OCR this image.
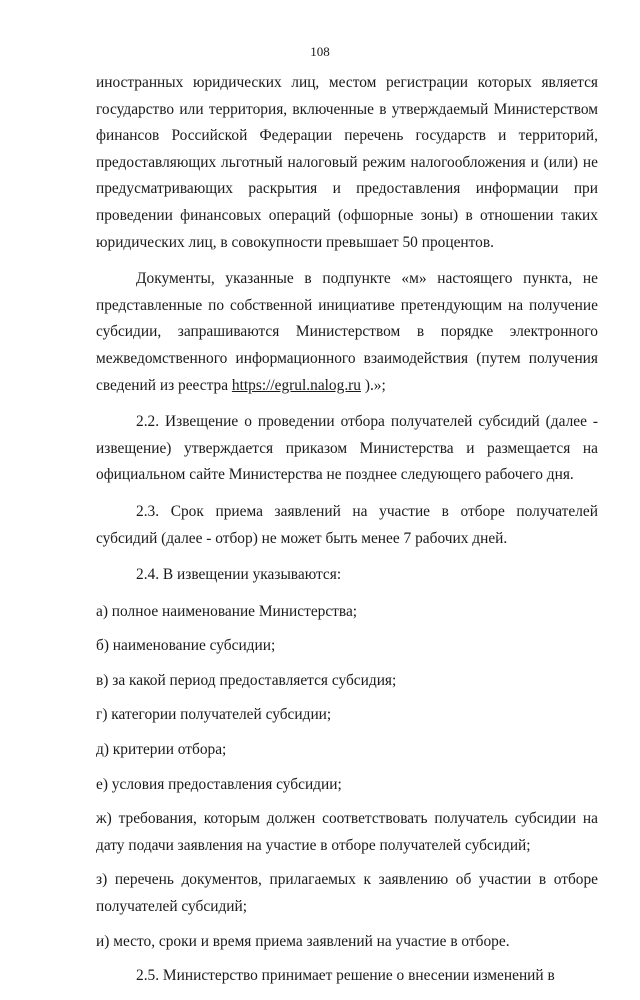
108

иностранных юридических лиц, местом регистрации которых является государство или территория, включенные в утверждаемый Министерством финансов Российской Федерации перечень государств и территорий, предоставляющих льготный налоговый режим налогообложения и (или) не предусматривающих раскрытия и предоставления информации при проведении финансовых операций (офшорные зоны) в отношении таких юридических лиц, в совокупности превышает 50 процентов.

Документы, указанные в подпункте «м» настоящего пункта, не представленные по собственной инициативе претендующим на получение субсидии, запрашиваются Министерством в порядке электронного межведомственного информационного взаимодействия (путем получения сведений из реестра https://egrul.nalog.ru ).»;

2.2. Извещение о проведении отбора получателей субсидий (далее - извещение) утверждается приказом Министерства и размещается на официальном сайте Министерства не позднее следующего рабочего дня.

2.3. Срок приема заявлений на участие в отборе получателей субсидий (далее - отбор) не может быть менее 7 рабочих дней.

2.4. В извещении указываются:

а) полное наименование Министерства;

б) наименование субсидии;

в) за какой период предоставляется субсидия;

г) категории получателей субсидии;

д) критерии отбора;

е) условия предоставления субсидии;

ж) требования, которым должен соответствовать получатель субсидии на дату подачи заявления на участие в отборе получателей субсидий;

з) перечень документов, прилагаемых к заявлению об участии в отборе получателей субсидий;

и) место, сроки и время приема заявлений на участие в отборе.

2.5. Министерство принимает решение о внесении изменений в
